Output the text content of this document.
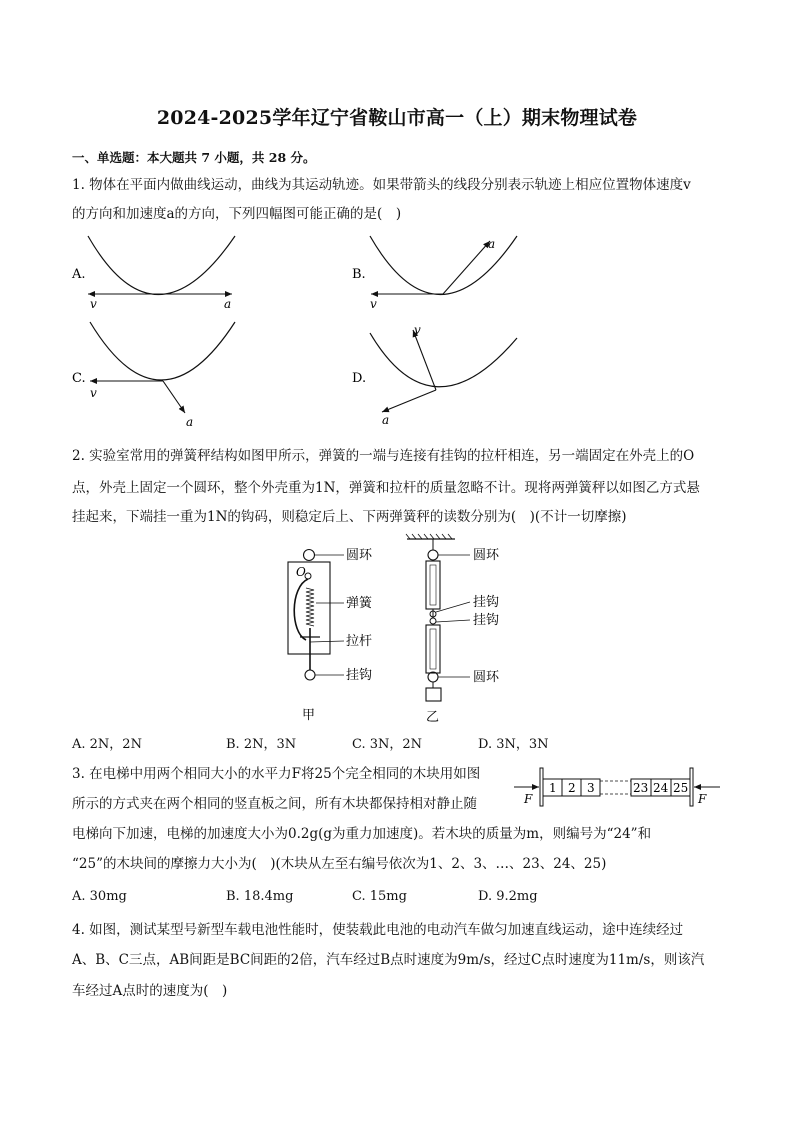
2024-2025学年辽宁省鞍山市高一（上）期末物理试卷
一、单选题：本大题共 7 小题，共 28 分。
1. 物体在平面内做曲线运动，曲线为其运动轨迹。如果带箭头的线段分别表示轨迹上相应位置物体速度v
的方向和加速度a的方向，下列四幅图可能正确的是(　)
v	a
A.
v
a
B.
v
a
C.
v
a
D.
2. 实验室常用的弹簧秤结构如图甲所示，弹簧的一端与连接有挂钩的拉杆相连，另一端固定在外壳上的O
点，外壳上固定一个圆环，整个外壳重为1N，弹簧和拉杆的质量忽略不计。现将两弹簧秤以如图乙方式悬
挂起来，下端挂一重为1N的钩码，则稳定后上、下两弹簧秤的读数分别为(　)(不计一切摩擦)
O
圆环
弹簧
拉杆
挂钩
甲
圆环
挂钩
挂钩
圆环
乙
A. 2N，2N	B. 2N，3N	C. 3N，2N	D. 3N，3N
3. 在电梯中用两个相同大小的水平力F将25个完全相同的木块用如图
所示的方式夹在两个相同的竖直板之间，所有木块都保持相对静止随
电梯向下加速，电梯的加速度大小为0.2g(g为重力加速度)。若木块的质量为m，则编号为“24”和
“25”的木块间的摩擦力大小为(　)(木块从左至右编号依次为1、2、3、…、23、24、25)
F	F
1 2 3	23 24 25
A. 30mg	B. 18.4mg	C. 15mg	D. 9.2mg
4. 如图，测试某型号新型车载电池性能时，使装载此电池的电动汽车做匀加速直线运动，途中连续经过
A、B、C三点，AB间距是BC间距的2倍，汽车经过B点时速度为9m/s，经过C点时速度为11m/s，则该汽
车经过A点时的速度为(　)
